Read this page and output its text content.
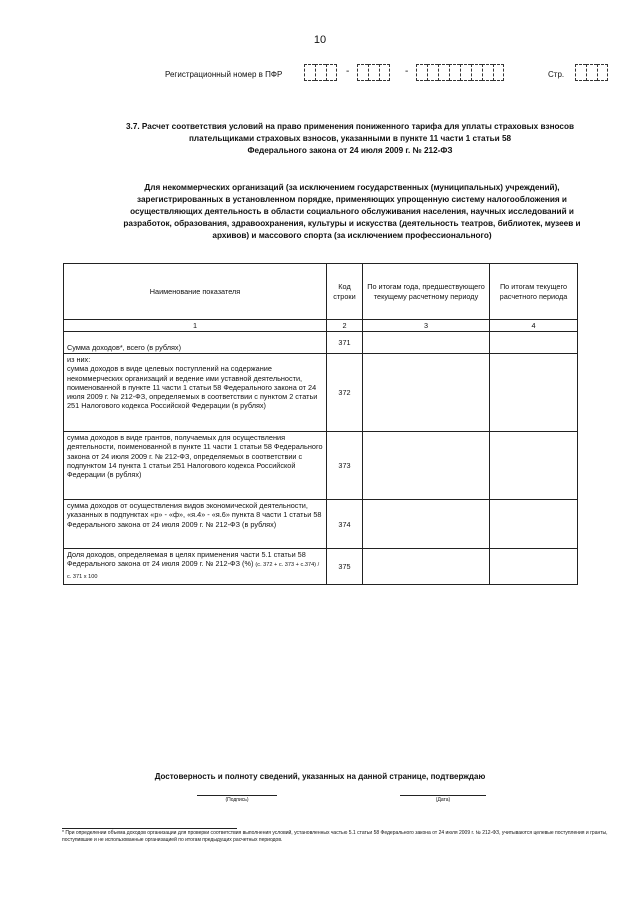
10
Регистрационный номер в ПФР	-	-	Стр.
3.7. Расчет соответствия условий на право применения пониженного тарифа для уплаты страховых взносов
плательщиками страховых взносов, указанными в пункте 11 части 1 статьи 58
Федерального закона от 24 июля 2009 г. № 212-ФЗ
Для некоммерческих организаций (за исключением государственных (муниципальных) учреждений),
зарегистрированных в установленном порядке, применяющих упрощенную систему налогообложения и
осуществляющих деятельность в области социального обслуживания населения, научных исследований и
разработок, образования, здравоохранения, культуры и искусства (деятельность театров, библиотек, музеев и
архивов) и массового спорта (за исключением профессионального)
Наименование показателя	Код строки	По итогам года, предшествующего текущему расчетному периоду	По итогам текущего расчетного периода
1	2	3	4
Сумма доходов*, всего (в рублях)	371		
из них:
сумма доходов в виде целевых поступлений на содержание некоммерческих организаций и ведение ими уставной деятельности, поименованной в пункте 11 части 1 статьи 58 Федерального закона от 24 июля 2009 г. № 212-ФЗ, определяемых в соответствии с пунктом 2 статьи 251 Налогового кодекса Российской Федерации (в рублях)	372		
сумма доходов в виде грантов, получаемых для осуществления деятельности, поименованной в пункте 11 части 1 статьи 58 Федерального закона от 24 июля 2009 г. № 212-ФЗ, определяемых в соответствии с подпунктом 14 пункта 1 статьи 251 Налогового кодекса Российской Федерации (в рублях)	373		
сумма доходов от осуществления видов экономической деятельности, указанных в подпунктах «р» - «ф», «я.4» - «я.6» пункта 8 части 1 статьи 58 Федерального закона от 24 июля 2009 г. № 212-ФЗ (в рублях)	374		
Доля доходов, определяемая в целях применения части 5.1 статьи 58 Федерального закона от 24 июля 2009 г. № 212-ФЗ (%) (с. 372 + с. 373 + с.374) / с. 371 x 100	375		
Достоверность и полноту сведений, указанных на данной странице, подтверждаю
(Подпись)	(Дата)
* При определении объема доходов организации для проверки соответствия выполнения условий, установленных частью 5.1 статьи 58 Федерального закона от 24 июля 2009 г. № 212-ФЗ, учитываются целевые поступления и гранты, поступившие и не использованные организацией по итогам предыдущих расчетных периодов.
